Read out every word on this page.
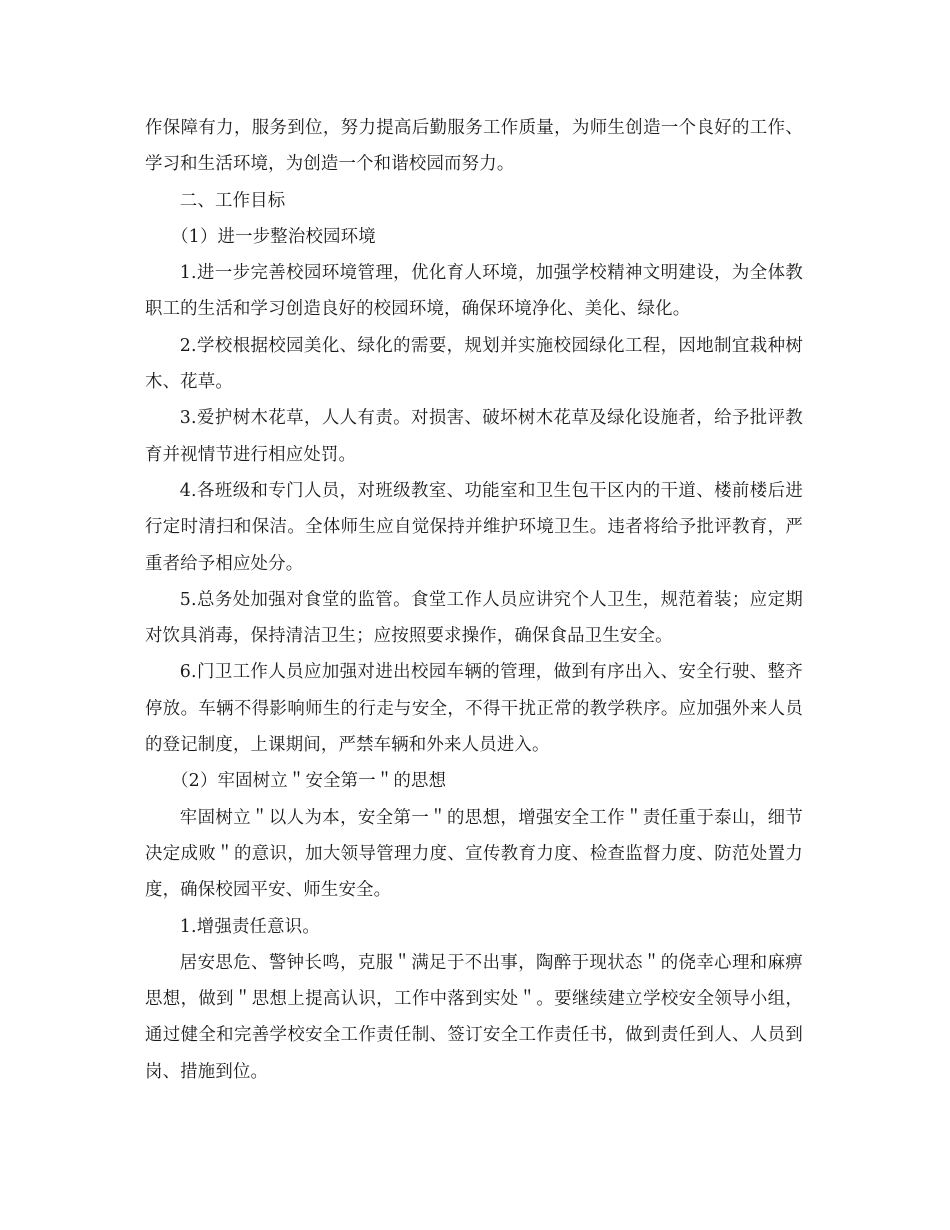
作保障有力，服务到位，努力提高后勤服务工作质量，为师生创造一个良好的工作、学习和生活环境，为创造一个和谐校园而努力。

二、工作目标

（1）进一步整治校园环境

1.进一步完善校园环境管理，优化育人环境，加强学校精神文明建设，为全体教职工的生活和学习创造良好的校园环境，确保环境净化、美化、绿化。

2.学校根据校园美化、绿化的需要，规划并实施校园绿化工程，因地制宜栽种树木、花草。

3.爱护树木花草，人人有责。对损害、破坏树木花草及绿化设施者，给予批评教育并视情节进行相应处罚。

4.各班级和专门人员，对班级教室、功能室和卫生包干区内的干道、楼前楼后进行定时清扫和保洁。全体师生应自觉保持并维护环境卫生。违者将给予批评教育，严重者给予相应处分。

5.总务处加强对食堂的监管。食堂工作人员应讲究个人卫生，规范着装；应定期对饮具消毒，保持清洁卫生；应按照要求操作，确保食品卫生安全。

6.门卫工作人员应加强对进出校园车辆的管理，做到有序出入、安全行驶、整齐停放。车辆不得影响师生的行走与安全，不得干扰正常的教学秩序。应加强外来人员的登记制度，上课期间，严禁车辆和外来人员进入。

（2）牢固树立＂安全第一＂的思想

牢固树立＂以人为本，安全第一＂的思想，增强安全工作＂责任重于泰山，细节决定成败＂的意识，加大领导管理力度、宣传教育力度、检查监督力度、防范处置力度，确保校园平安、师生安全。

1.增强责任意识。

居安思危、警钟长鸣，克服＂满足于不出事，陶醉于现状态＂的侥幸心理和麻痹思想，做到＂思想上提高认识，工作中落到实处＂。要继续建立学校安全领导小组，通过健全和完善学校安全工作责任制、签订安全工作责任书，做到责任到人、人员到岗、措施到位。
